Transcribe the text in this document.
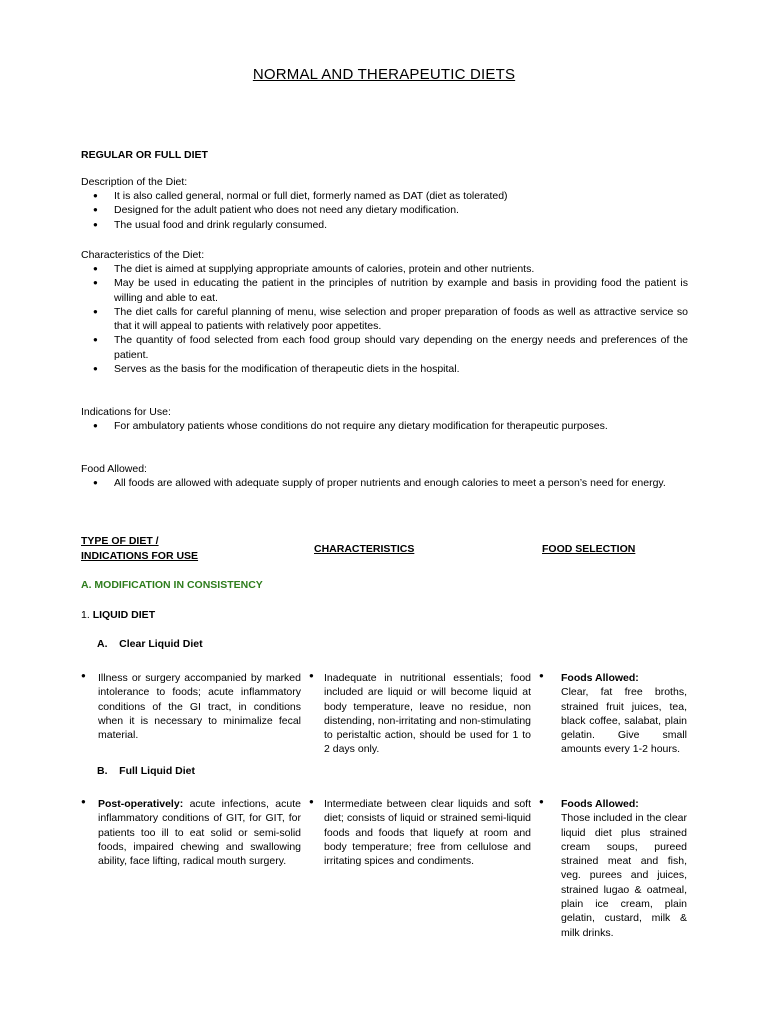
NORMAL AND THERAPEUTIC DIETS
REGULAR OR FULL DIET
Description of the Diet:
● It is also called general, normal or full diet, formerly named as DAT (diet as tolerated)
● Designed for the adult patient who does not need any dietary modification.
● The usual food and drink regularly consumed.
Characteristics of the Diet:
● The diet is aimed at supplying appropriate amounts of calories, protein and other nutrients.
● May be used in educating the patient in the principles of nutrition by example and basis in providing food the patient is willing and able to eat.
● The diet calls for careful planning of menu, wise selection and proper preparation of foods as well as attractive service so that it will appeal to patients with relatively poor appetites.
● The quantity of food selected from each food group should vary depending on the energy needs and preferences of the patient.
● Serves as the basis for the modification of therapeutic diets in the hospital.
Indications for Use:
● For ambulatory patients whose conditions do not require any dietary modification for therapeutic purposes.
Food Allowed:
● All foods are allowed with adequate supply of proper nutrients and enough calories to meet a person’s need for energy.
TYPE OF DIET /
INDICATIONS FOR USE
CHARACTERISTICS	FOOD SELECTION
A. MODIFICATION IN CONSISTENCY
1. LIQUID DIET
A. Clear Liquid Diet
● Illness or surgery accompanied by marked intolerance to foods; acute inflammatory conditions of the GI tract, in conditions when it is necessary to minimalize fecal material.
● Inadequate in nutritional essentials; food included are liquid or will become liquid at body temperature, leave no residue, non distending, non-irritating and non-stimulating to peristaltic action, should be used for 1 to 2 days only.
● Foods Allowed:
Clear, fat free broths, strained fruit juices, tea, black coffee, salabat, plain gelatin. Give small amounts every 1-2 hours.
B. Full Liquid Diet
● Post-operatively: acute infections, acute inflammatory conditions of GIT, for GIT, for patients too ill to eat solid or semi-solid foods, impaired chewing and swallowing ability, face lifting, radical mouth surgery.
● Intermediate between clear liquids and soft diet; consists of liquid or strained semi-liquid foods and foods that liquefy at room and body temperature; free from cellulose and irritating spices and condiments.
● Foods Allowed:
Those included in the clear liquid diet plus strained cream soups, pureed strained meat and fish, veg. purees and juices, strained lugao & oatmeal, plain ice cream, plain gelatin, custard, milk & milk drinks.
